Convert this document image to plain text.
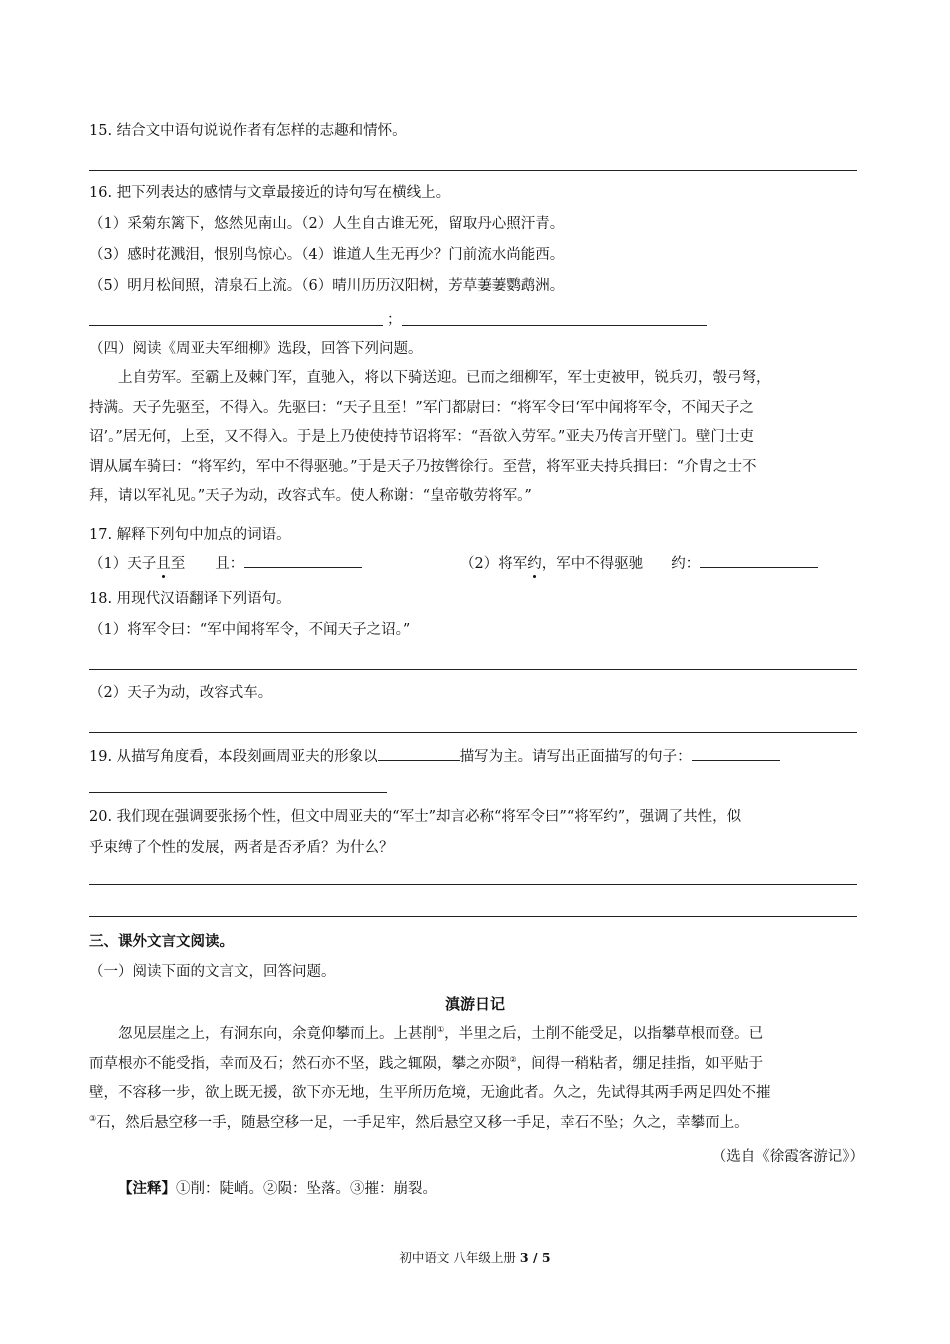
15. 结合文中语句说说作者有怎样的志趣和情怀。
16. 把下列表达的感情与文章最接近的诗句写在横线上。
（1）采菊东篱下，悠然见南山。（2）人生自古谁无死，留取丹心照汗青。
（3）感时花溅泪，恨别鸟惊心。（4）谁道人生无再少？门前流水尚能西。
（5）明月松间照，清泉石上流。（6）晴川历历汉阳树，芳草萋萋鹦鹉洲。
；
（四）阅读《周亚夫军细柳》选段，回答下列问题。
上自劳军。至霸上及棘门军，直驰入，将以下骑送迎。已而之细柳军，军士吏被甲，锐兵刃，彀弓弩，
持满。天子先驱至，不得入。先驱曰：“天子且至！”军门都尉曰：“将军令曰‘军中闻将军令，不闻天子之
诏’。”居无何，上至，又不得入。于是上乃使使持节诏将军：“吾欲入劳军。”亚夫乃传言开壁门。壁门士吏
谓从属车骑曰：“将军约，军中不得驱驰。”于是天子乃按辔徐行。至营，将军亚夫持兵揖曰：“介胄之士不
拜，请以军礼见。”天子为动，改容式车。使人称谢：“皇帝敬劳将军。”
17. 解释下列句中加点的词语。
（1）天子且至 且：	（2）将军约，军中不得驱驰 约：
18. 用现代汉语翻译下列语句。
（1）将军令曰：“军中闻将军令，不闻天子之诏。”
（2）天子为动，改容式车。
19. 从描写角度看，本段刻画周亚夫的形象以	描写为主。请写出正面描写的句子：
20. 我们现在强调要张扬个性，但文中周亚夫的“军士”却言必称“将军令曰”“将军约”，强调了共性，似
乎束缚了个性的发展，两者是否矛盾？为什么？
三、课外文言文阅读。
（一）阅读下面的文言文，回答问题。
滇游日记
忽见层崖之上，有洞东向，余竟仰攀而上。上甚削①，半里之后，土削不能受足，以指攀草根而登。已
而草根亦不能受指，幸而及石；然石亦不坚，践之辄陨，攀之亦陨②，间得一稍粘者，绷足挂指，如平贴于
壁，不容移一步，欲上既无援，欲下亦无地，生平所历危境，无逾此者。久之，先试得其两手两足四处不摧
③石，然后悬空移一手，随悬空移一足，一手足牢，然后悬空又移一手足，幸石不坠；久之，幸攀而上。
（选自《徐霞客游记》）
【注释】①削：陡峭。②陨：坠落。③摧：崩裂。
初中语文 八年级上册 3 / 5
